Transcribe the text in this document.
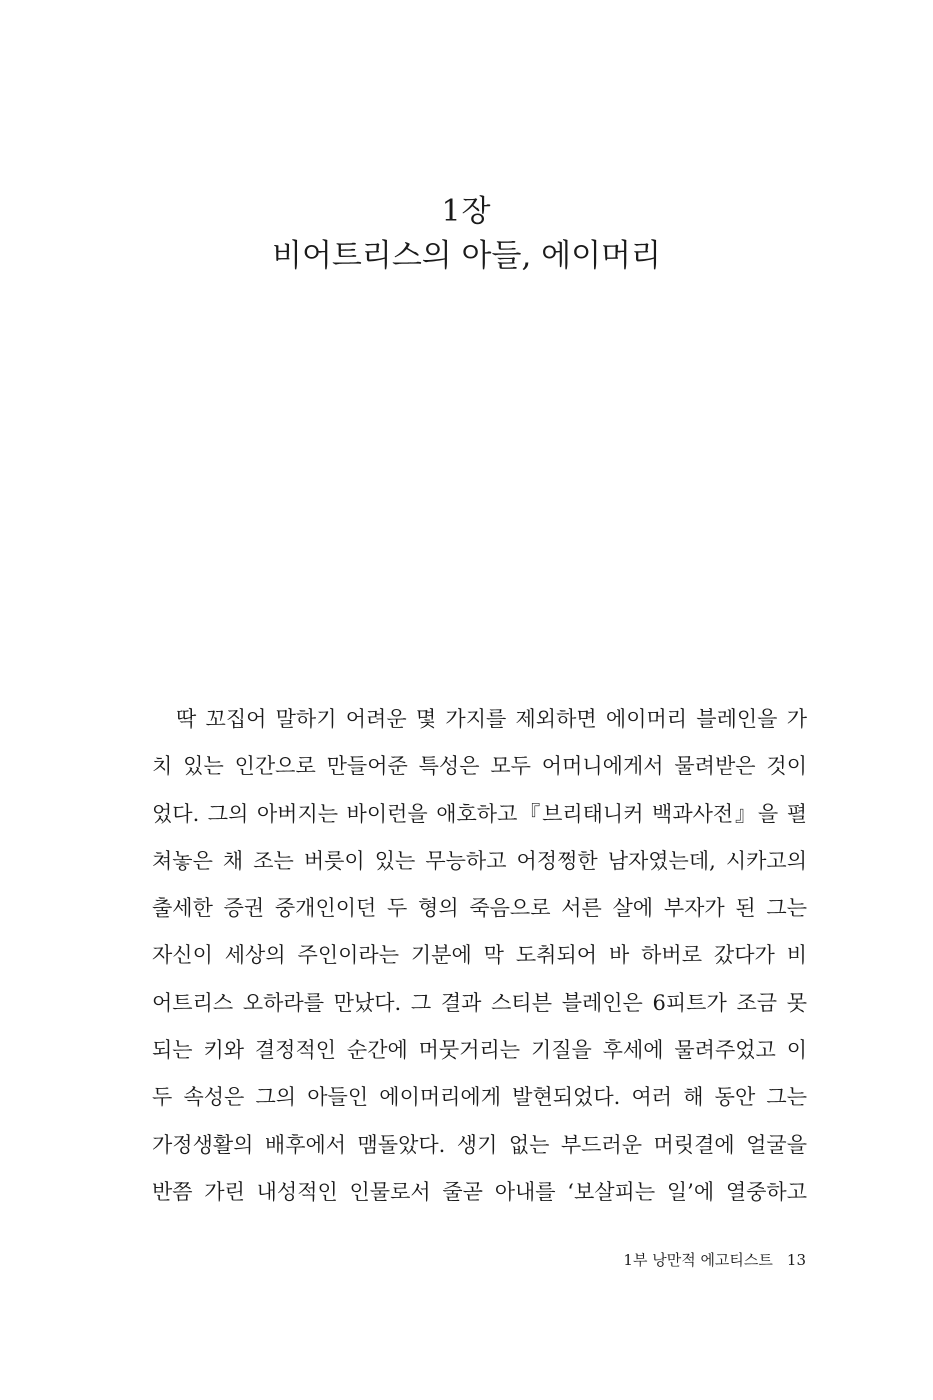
1장
비어트리스의 아들, 에이머리
딱 꼬집어 말하기 어려운 몇 가지를 제외하면 에이머리 블레인을 가
치 있는 인간으로 만들어준 특성은 모두 어머니에게서 물려받은 것이
었다. 그의 아버지는 바이런을 애호하고『브리태니커 백과사전』을 펼
쳐놓은 채 조는 버릇이 있는 무능하고 어정쩡한 남자였는데, 시카고의
출세한 증권 중개인이던 두 형의 죽음으로 서른 살에 부자가 된 그는
자신이 세상의 주인이라는 기분에 막 도취되어 바 하버로 갔다가 비
어트리스 오하라를 만났다. 그 결과 스티븐 블레인은 6피트가 조금 못
되는 키와 결정적인 순간에 머뭇거리는 기질을 후세에 물려주었고 이
두 속성은 그의 아들인 에이머리에게 발현되었다. 여러 해 동안 그는
가정생활의 배후에서 맴돌았다. 생기 없는 부드러운 머릿결에 얼굴을
반쯤 가린 내성적인 인물로서 줄곧 아내를 ‘보살피는 일’에 열중하고
1부 낭만적 에고티스트 13
